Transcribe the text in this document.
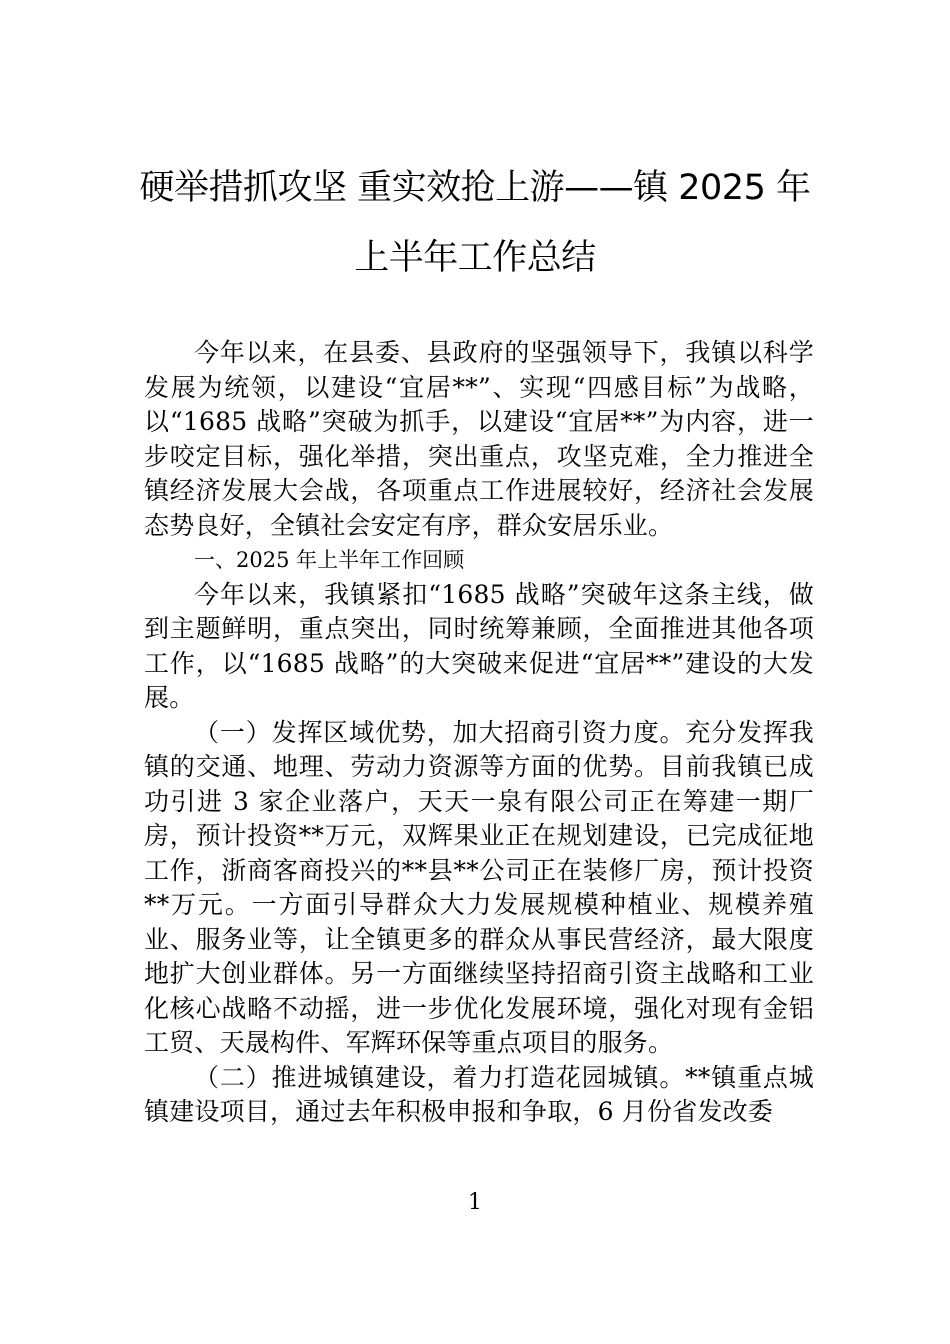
硬举措抓攻坚 重实效抢上游——镇 2025 年
上半年工作总结

今年以来，在县委、县政府的坚强领导下，我镇以科学发展为统领，以建设“宜居**”、实现“四感目标”为战略，以“1685 战略”突破为抓手，以建设“宜居**”为内容，进一步咬定目标，强化举措，突出重点，攻坚克难，全力推进全镇经济发展大会战，各项重点工作进展较好，经济社会发展态势良好，全镇社会安定有序，群众安居乐业。

一、2025 年上半年工作回顾

今年以来，我镇紧扣“1685 战略”突破年这条主线，做到主题鲜明，重点突出，同时统筹兼顾，全面推进其他各项工作，以“1685 战略”的大突破来促进“宜居**”建设的大发展。

（一）发挥区域优势，加大招商引资力度。充分发挥我镇的交通、地理、劳动力资源等方面的优势。目前我镇已成功引进 3 家企业落户，天天一泉有限公司正在筹建一期厂房，预计投资**万元，双辉果业正在规划建设，已完成征地工作，浙商客商投兴的**县**公司正在装修厂房，预计投资**万元。一方面引导群众大力发展规模种植业、规模养殖业、服务业等，让全镇更多的群众从事民营经济，最大限度地扩大创业群体。另一方面继续坚持招商引资主战略和工业化核心战略不动摇，进一步优化发展环境，强化对现有金铝工贸、天晟构件、军辉环保等重点项目的服务。

（二）推进城镇建设，着力打造花园城镇。**镇重点城镇建设项目，通过去年积极申报和争取，6 月份省发改委

1
